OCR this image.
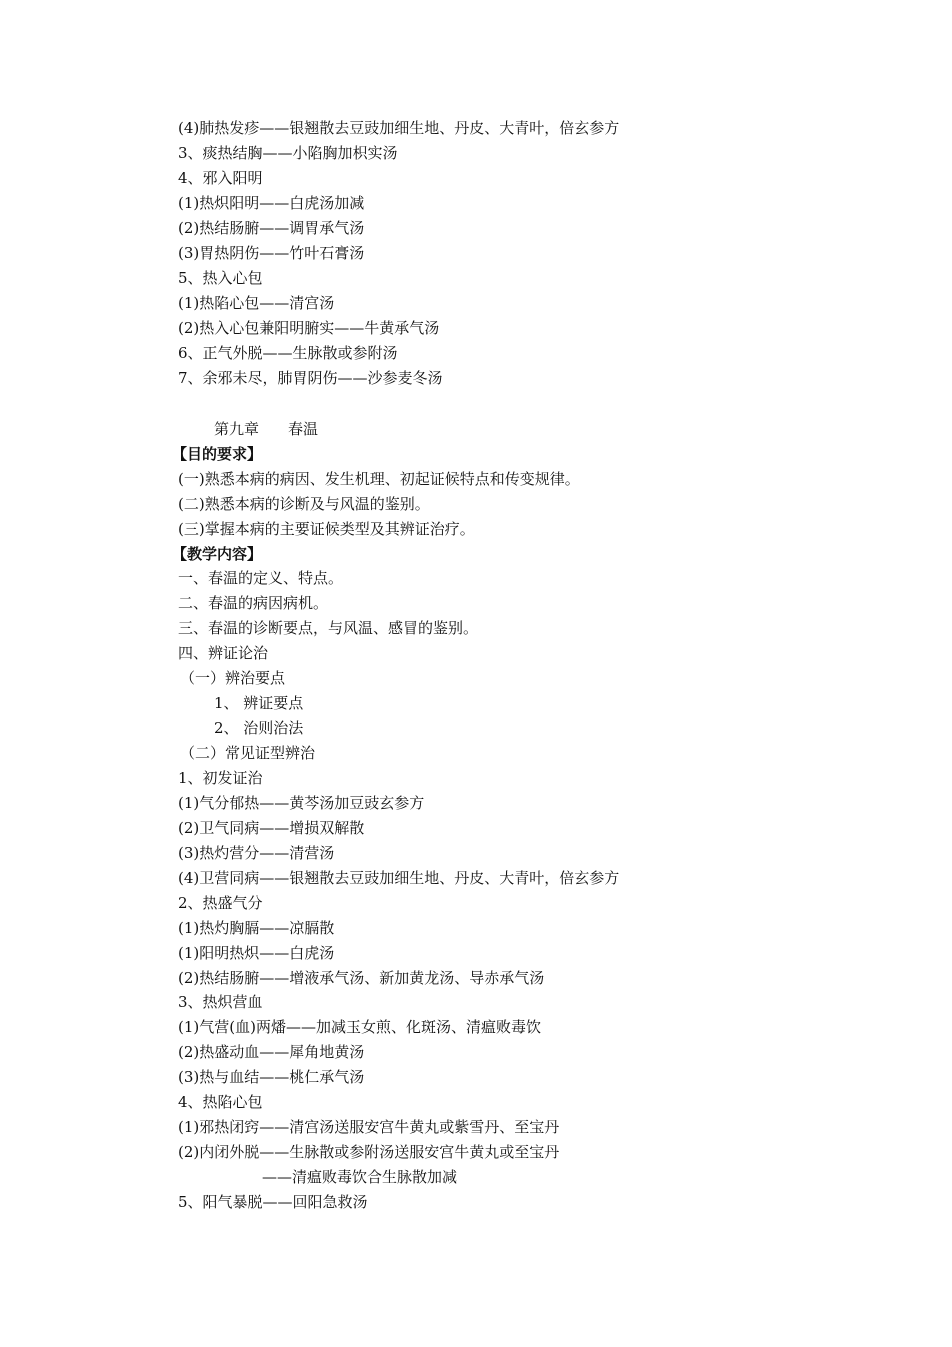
(4)肺热发疹——银翘散去豆豉加细生地、丹皮、大青叶，倍玄参方
3、痰热结胸——小陷胸加枳实汤
4、邪入阳明
(1)热炽阳明——白虎汤加减
(2)热结肠腑——调胃承气汤
(3)胃热阴伤——竹叶石膏汤
5、热入心包
(1)热陷心包——清宫汤
(2)热入心包兼阳明腑实——牛黄承气汤
6、正气外脱——生脉散或参附汤
7、余邪未尽，肺胃阴伤——沙参麦冬汤
第九章 春温
【目的要求】
(一)熟悉本病的病因、发生机理、初起证候特点和传变规律。
(二)熟悉本病的诊断及与风温的鉴别。
(三)掌握本病的主要证候类型及其辨证治疗。
【教学内容】
一、春温的定义、特点。
二、春温的病因病机。
三、春温的诊断要点，与风温、感冒的鉴别。
四、辨证论治
（一）辨治要点
1、 辨证要点
2、 治则治法
（二）常见证型辨治
1、初发证治
(1)气分郁热——黄芩汤加豆豉玄参方
(2)卫气同病——增损双解散
(3)热灼营分——清营汤
(4)卫营同病——银翘散去豆豉加细生地、丹皮、大青叶，倍玄参方
2、热盛气分
(1)热灼胸膈——凉膈散
(1)阳明热炽——白虎汤
(2)热结肠腑——增液承气汤、新加黄龙汤、导赤承气汤
3、热炽营血
(1)气营(血)两燔——加减玉女煎、化斑汤、清瘟败毒饮
(2)热盛动血——犀角地黄汤
(3)热与血结——桃仁承气汤
4、热陷心包
(1)邪热闭窍——清宫汤送服安宫牛黄丸或紫雪丹、至宝丹
(2)内闭外脱——生脉散或参附汤送服安宫牛黄丸或至宝丹
——清瘟败毒饮合生脉散加减
5、阳气暴脱——回阳急救汤
